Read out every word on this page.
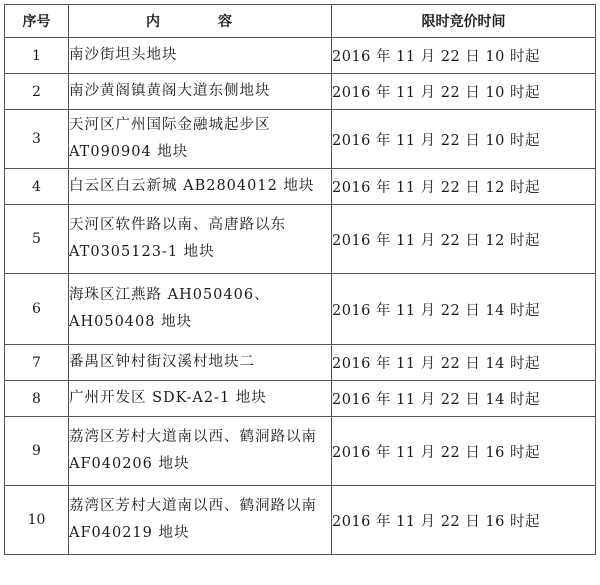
序号	内　容	限时竞价时间
1	南沙街坦头地块	2016 年 11 月 22 日 10 时起
2	南沙黄阁镇黄阁大道东侧地块	2016 年 11 月 22 日 10 时起
3	天河区广州国际金融城起步区 AT090904 地块	2016 年 11 月 22 日 10 时起
4	白云区白云新城 AB2804012 地块	2016 年 11 月 22 日 12 时起
5	天河区软件路以南、高唐路以东 AT0305123-1 地块	2016 年 11 月 22 日 12 时起
6	海珠区江燕路 AH050406、AH050408 地块	2016 年 11 月 22 日 14 时起
7	番禺区钟村街汉溪村地块二	2016 年 11 月 22 日 14 时起
8	广州开发区 SDK-A2-1 地块	2016 年 11 月 22 日 14 时起
9	荔湾区芳村大道南以西、鹤洞路以南 AF040206 地块	2016 年 11 月 22 日 16 时起
10	荔湾区芳村大道南以西、鹤洞路以南 AF040219 地块	2016 年 11 月 22 日 16 时起
